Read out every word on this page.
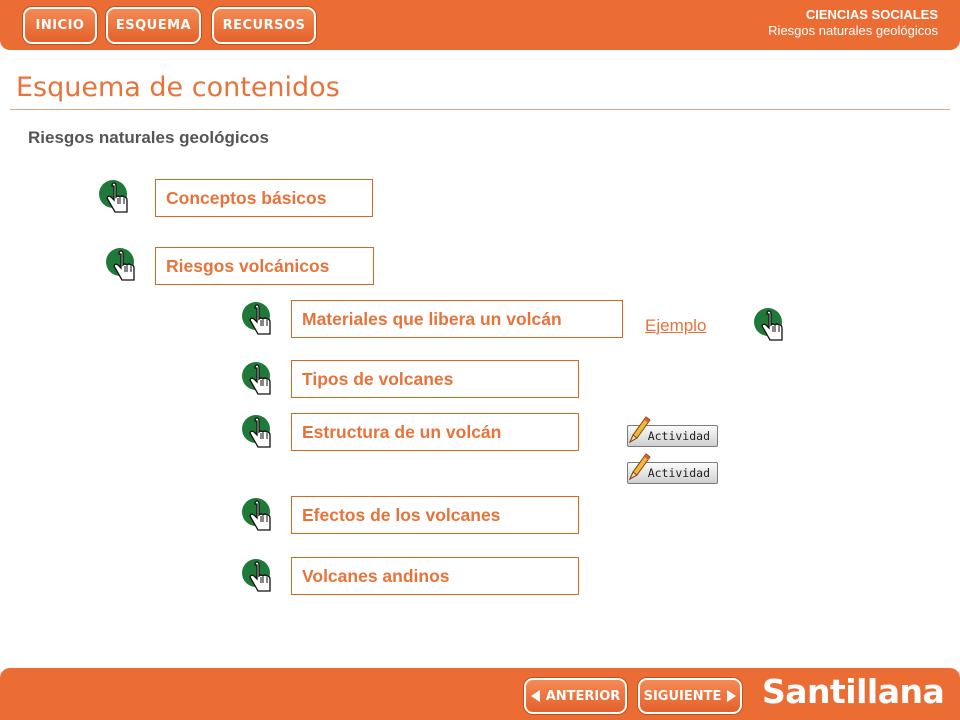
INICIO	ESQUEMA	RECURSOS
CIENCIAS SOCIALES
Riesgos naturales geológicos
Esquema de contenidos
Riesgos naturales geológicos
Conceptos básicos
Riesgos volcánicos
Materiales que libera un volcán
Tipos de volcanes
Estructura de un volcán
Efectos de los volcanes
Volcanes andinos
Ejemplo
Actividad
Actividad
ANTERIOR SIGUIENTE Santillana
